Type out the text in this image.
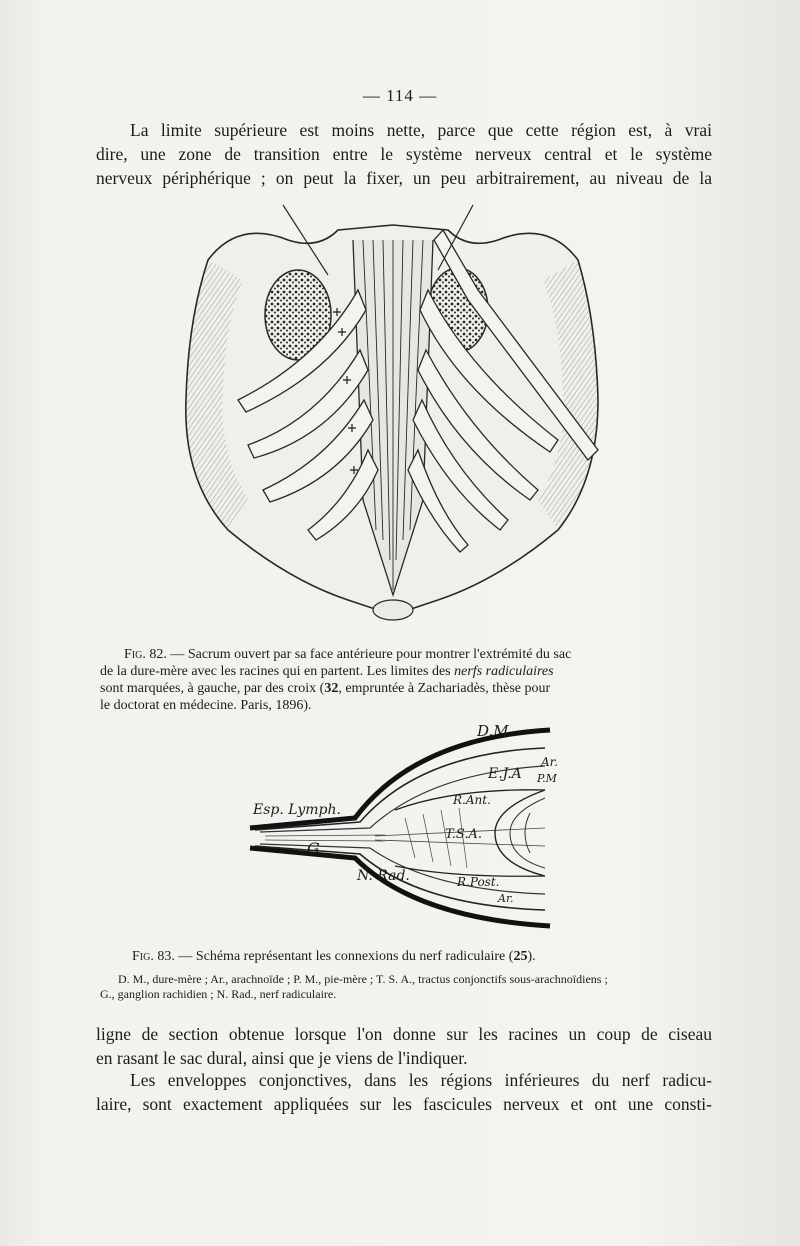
— 114 —
La limite supérieure est moins nette, parce que cette région est, à vrai
dire, une zone de transition entre le système nerveux central et le système
nerveux périphérique ; on peut la fixer, un peu arbitrairement, au niveau de la
Fig. 82. — Sacrum ouvert par sa face antérieure pour montrer l'extrémité du sac
de la dure-mère avec les racines qui en partent. Les limites des nerfs radiculaires
sont marquées, à gauche, par des croix (32, empruntée à Zachariadès, thèse pour
le doctorat en médecine. Paris, 1896).
D.M
Ar.
E.J.A P.M
R.Ant.
Esp. Lymph.
T.S.A.
G
N. Rad.	R.Post.
Ar.
Fig. 83. — Schéma représentant les connexions du nerf radiculaire (25).
D. M., dure-mère ; Ar., arachnoïde ; P. M., pie-mère ; T. S. A., tractus conjonctifs sous-arachnoïdiens ;
G., ganglion rachidien ; N. Rad., nerf radiculaire.
ligne de section obtenue lorsque l'on donne sur les racines un coup de ciseau
en rasant le sac dural, ainsi que je viens de l'indiquer.
Les enveloppes conjonctives, dans les régions inférieures du nerf radicu-
laire, sont exactement appliquées sur les fascicules nerveux et ont une consti-
